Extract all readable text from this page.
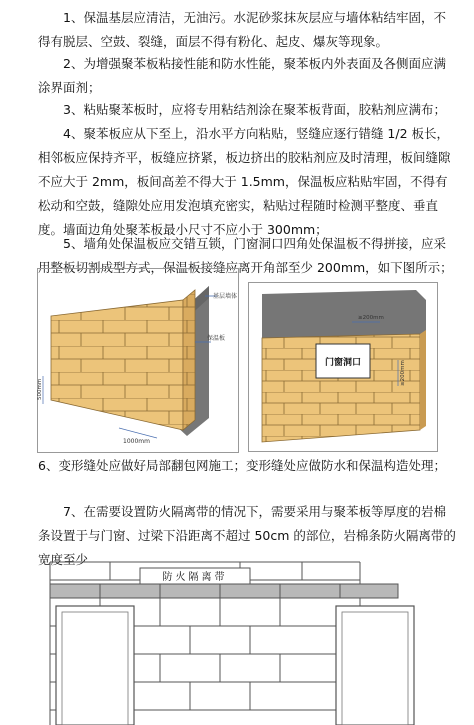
1、保温基层应清洁，无油污。水泥砂浆抹灰层应与墙体粘结牢固，不得有脱层、空鼓、裂缝，面层不得有粉化、起皮、爆灰等现象。

2、为增强聚苯板粘接性能和防水性能，聚苯板内外表面及各侧面应满涂界面剂；

3、粘贴聚苯板时，应将专用粘结剂涂在聚苯板背面，胶粘剂应满布；

4、聚苯板应从下至上，沿水平方向粘贴，竖缝应逐行错缝 1/2 板长，相邻板应保持齐平，板缝应挤紧，板边挤出的胶粘剂应及时清理，板间缝隙不应大于 2mm，板间高差不得大于 1.5mm，保温板应粘贴牢固，不得有松动和空鼓，缝隙处应用发泡填充密实，粘贴过程随时检测平整度、垂直度。墙面边角处聚苯板最小尺寸不应小于 300mm；

5、墙角处保温板应交错互锁，门窗洞口四角处保温板不得拼接，应采用整板切割成型方式，保温板接缝应离开角部至少 200mm，如下图所示；

基层墙体
保温板
1000mm
500mm
门窗洞口
≥200mm
≥200mm

6、变形缝处应做好局部翻包网施工；变形缝处应做防水和保温构造处理；

7、在需要设置防火隔离带的情况下，需要采用与聚苯板等厚度的岩棉条设置于与门窗、过梁下沿距离不超过 50cm 的部位，岩棉条防火隔离带的宽度至少

防火隔离带
